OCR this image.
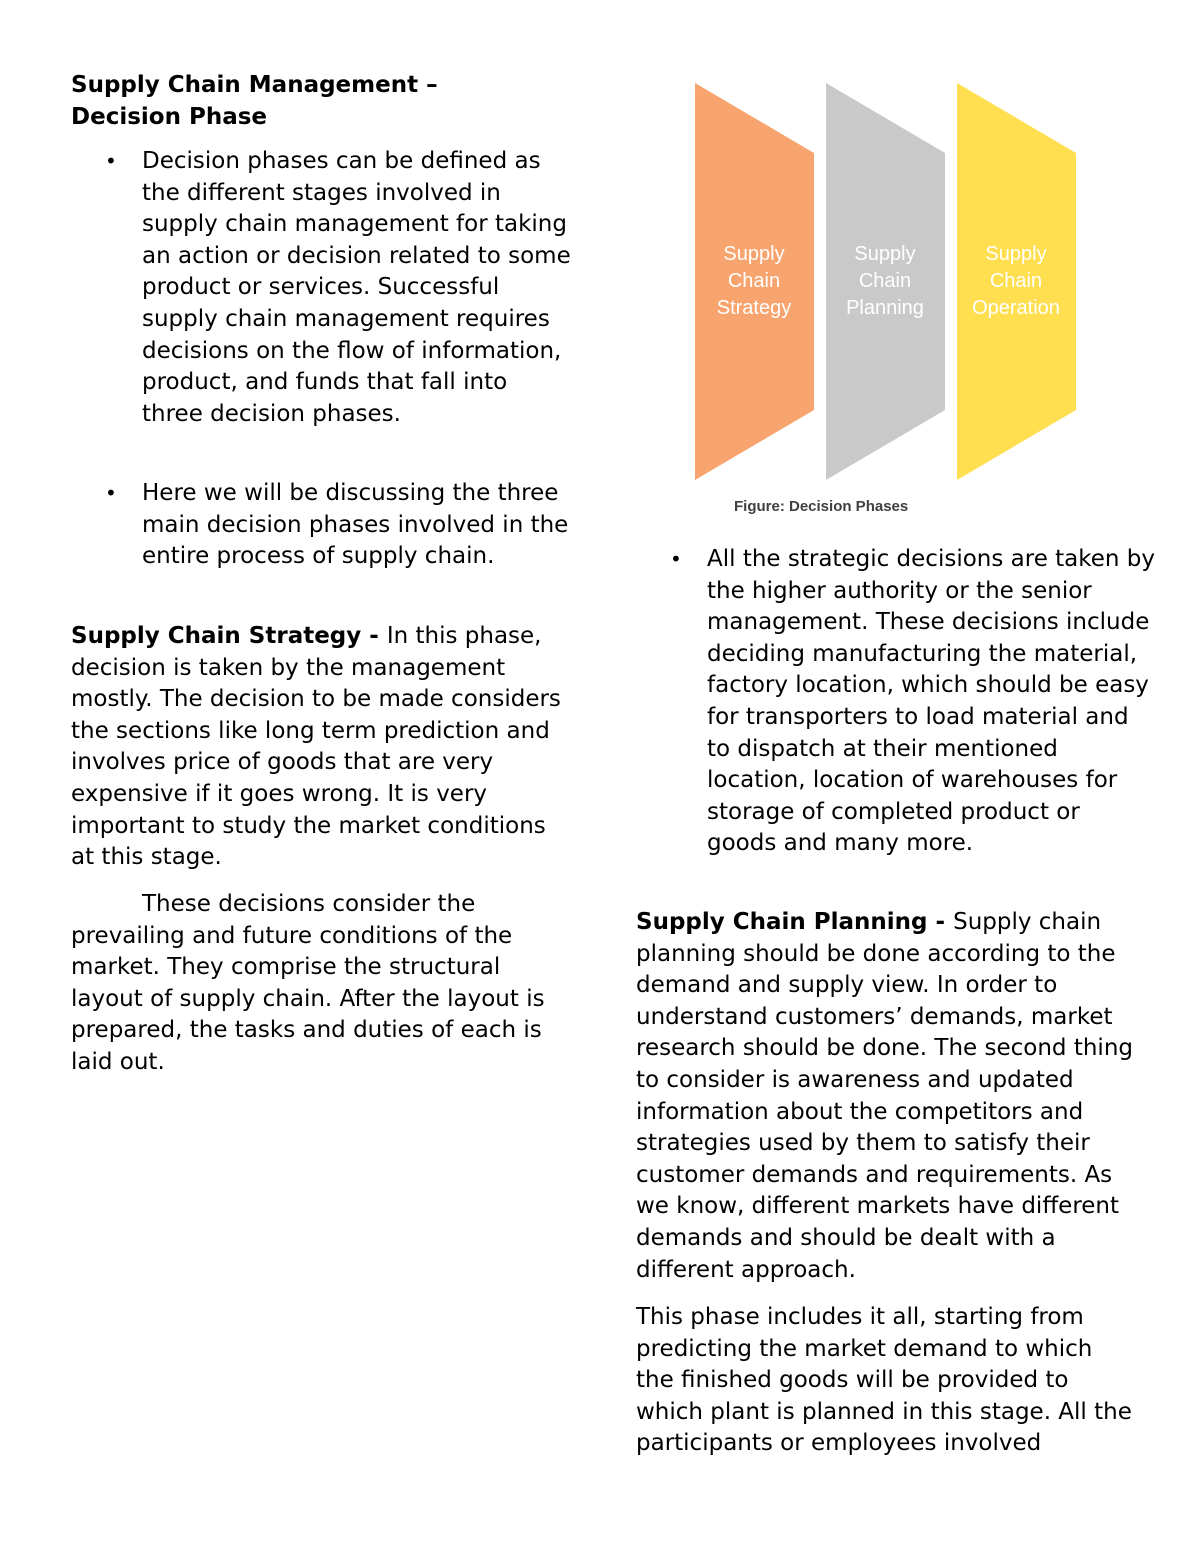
Supply Chain Management –
Decision Phase
• Decision phases can be defined as the different stages involved in supply chain management for taking an action or decision related to some product or services. Successful supply chain management requires decisions on the flow of information, product, and funds that fall into three decision phases.
• Here we will be discussing the three main decision phases involved in the entire process of supply chain.

Supply Chain Strategy - In this phase, decision is taken by the management mostly. The decision to be made considers the sections like long term prediction and involves price of goods that are very expensive if it goes wrong. It is very important to study the market conditions at this stage.

These decisions consider the prevailing and future conditions of the market. They comprise the structural layout of supply chain. After the layout is prepared, the tasks and duties of each is laid out.

Supply
Chain
Strategy
Supply
Chain
Planning
Supply
Chain
Operation
Figure: Decision Phases
• All the strategic decisions are taken by the higher authority or the senior management. These decisions include deciding manufacturing the material, factory location, which should be easy for transporters to load material and to dispatch at their mentioned location, location of warehouses for storage of completed product or goods and many more.

Supply Chain Planning - Supply chain planning should be done according to the demand and supply view. In order to understand customers’ demands, market research should be done. The second thing to consider is awareness and updated information about the competitors and strategies used by them to satisfy their customer demands and requirements. As we know, different markets have different demands and should be dealt with a different approach.

This phase includes it all, starting from predicting the market demand to which the finished goods will be provided to which plant is planned in this stage. All the participants or employees involved
